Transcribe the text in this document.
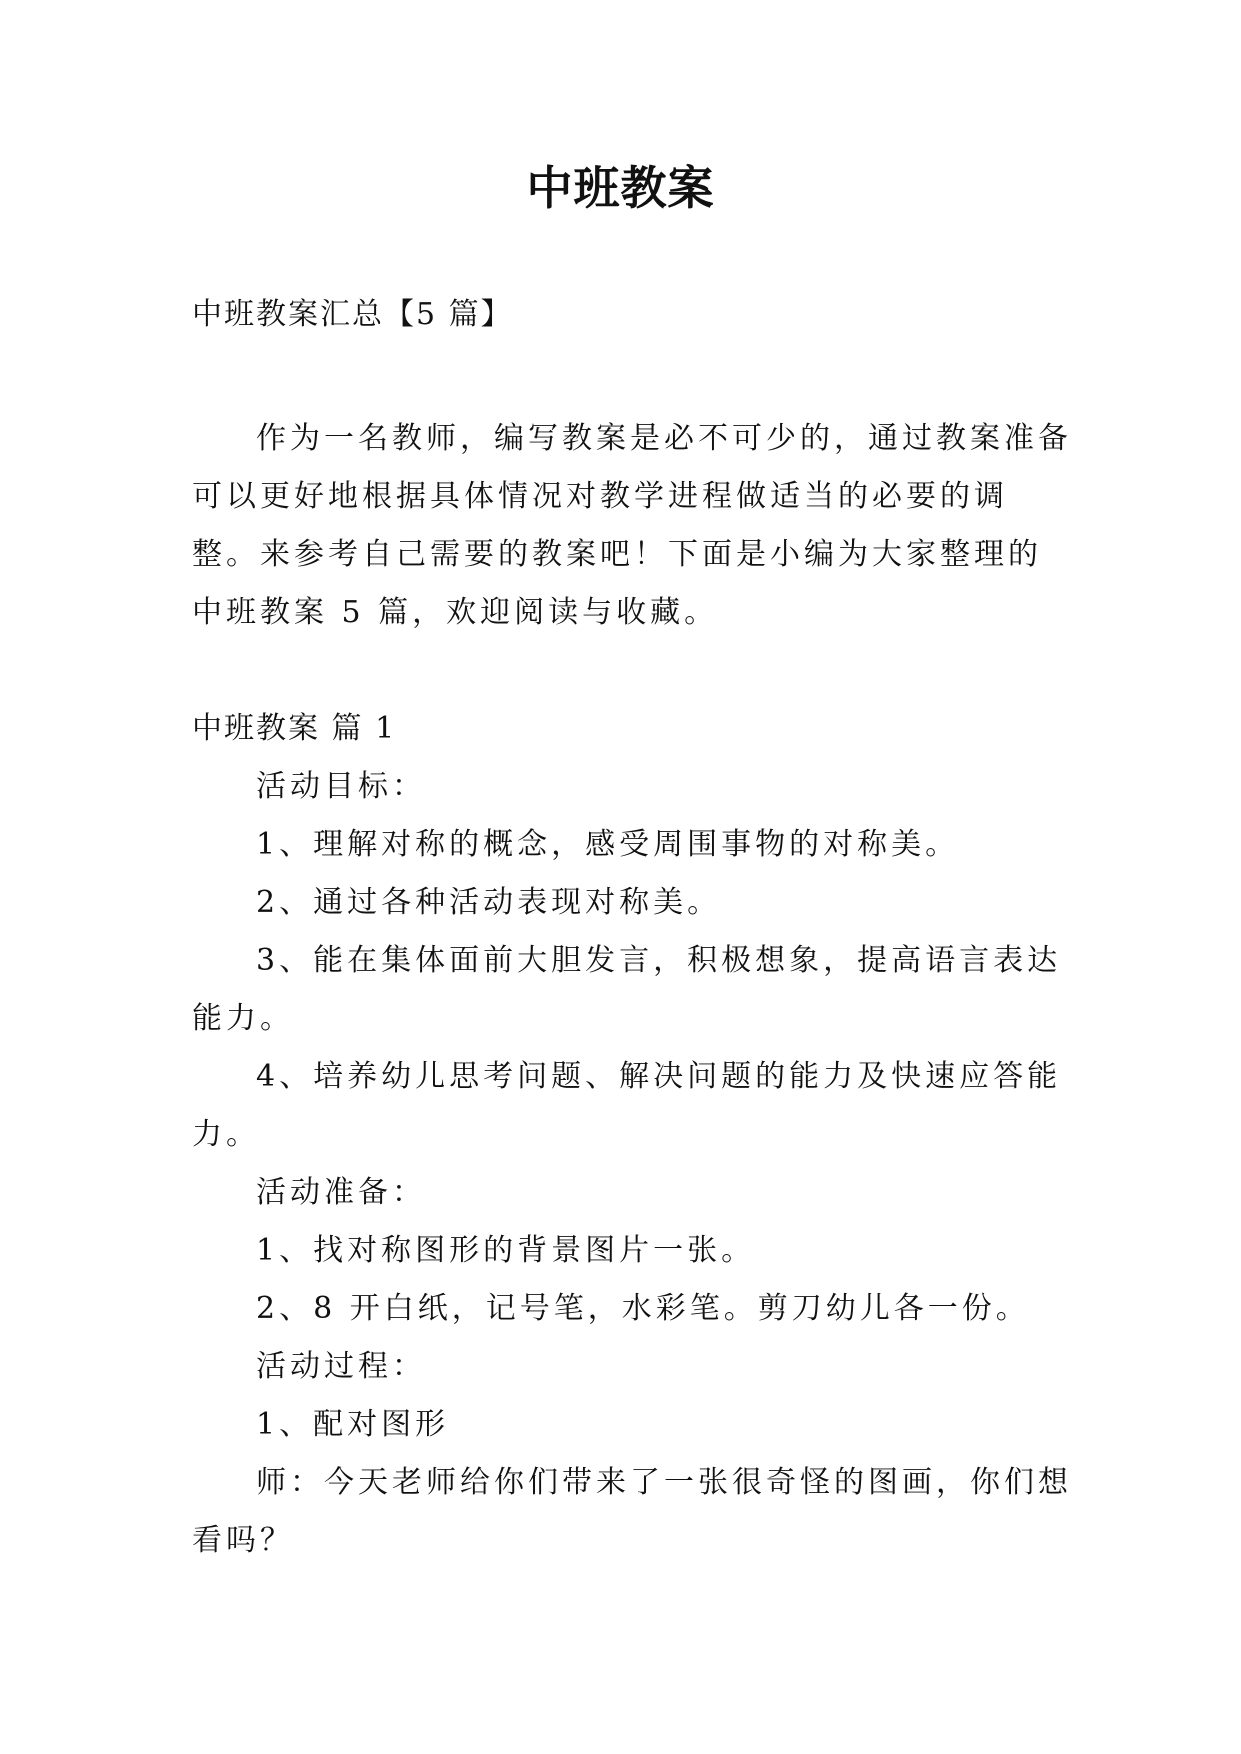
中班教案

中班教案汇总【5 篇】

作为一名教师，编写教案是必不可少的，通过教案准备可以更好地根据具体情况对教学进程做适当的必要的调整。来参考自己需要的教案吧！下面是小编为大家整理的中班教案 5 篇，欢迎阅读与收藏。

中班教案 篇 1

活动目标：

1、理解对称的概念，感受周围事物的对称美。

2、通过各种活动表现对称美。

3、能在集体面前大胆发言，积极想象，提高语言表达能力。

4、培养幼儿思考问题、解决问题的能力及快速应答能力。

活动准备：

1、找对称图形的背景图片一张。

2、8 开白纸，记号笔，水彩笔。剪刀幼儿各一份。

活动过程：

1、配对图形

师：今天老师给你们带来了一张很奇怪的图画，你们想看吗？
